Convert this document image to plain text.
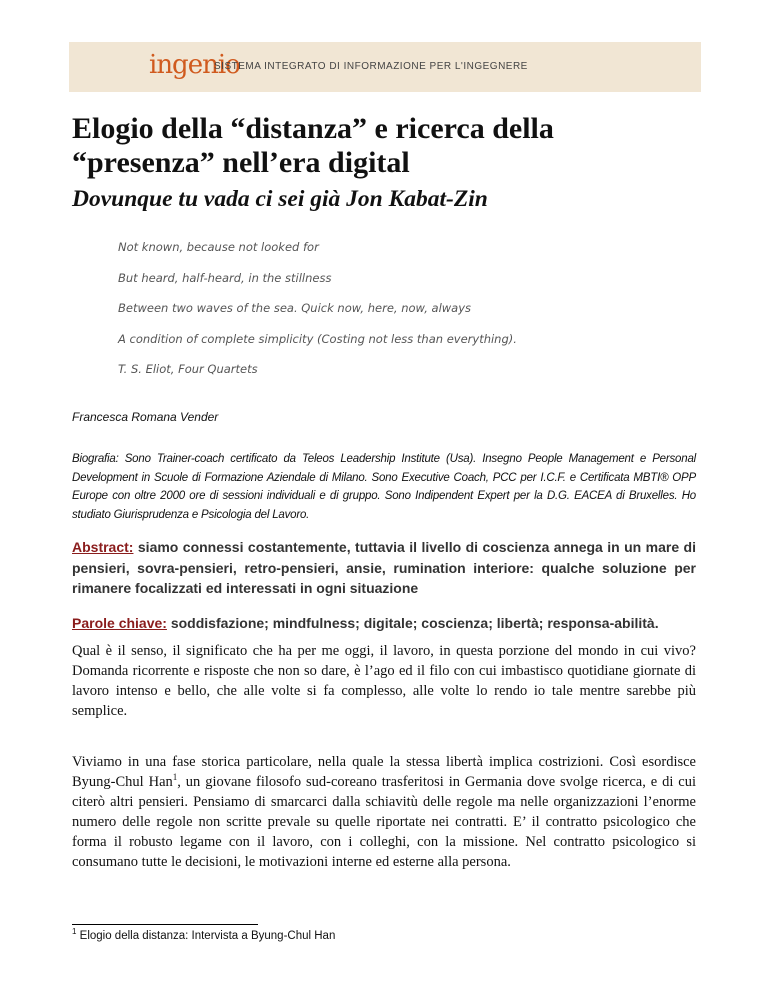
ingenio
SISTEMA INTEGRATO DI INFORMAZIONE PER L'INGEGNERE
Elogio della “distanza” e ricerca della “presenza” nell’era digital
Dovunque tu vada ci sei già Jon Kabat-Zin
Not known, because not looked for
But heard, half-heard, in the stillness
Between two waves of the sea. Quick now, here, now, always
A condition of complete simplicity (Costing not less than everything).
T. S. Eliot, Four Quartets
Francesca Romana Vender

Biografia: Sono Trainer-coach certificato da Teleos Leadership Institute (Usa). Insegno People Management e Personal Development in Scuole di Formazione Aziendale di Milano. Sono Executive Coach, PCC per I.C.F. e Certificata MBTI® OPP Europe con oltre 2000 ore di sessioni individuali e di gruppo. Sono Indipendent Expert per la D.G. EACEA di Bruxelles. Ho studiato Giurisprudenza e Psicologia del Lavoro.

Abstract: siamo connessi costantemente, tuttavia il livello di coscienza annega in un mare di pensieri, sovra-pensieri, retro-pensieri, ansie, rumination interiore: qualche soluzione per rimanere focalizzati ed interessati in ogni situazione

Parole chiave: soddisfazione; mindfulness; digitale; coscienza; libertà; responsa-abilità.

Qual è il senso, il significato che ha per me oggi, il lavoro, in questa porzione del mondo in cui vivo? Domanda ricorrente e risposte che non so dare, è l’ago ed il filo con cui imbastisco quotidiane giornate di lavoro intenso e bello, che alle volte si fa complesso, alle volte lo rendo io tale mentre sarebbe più semplice.

Viviamo in una fase storica particolare, nella quale la stessa libertà implica costrizioni. Così esordisce Byung-Chul Han$^1$, un giovane filosofo sud-coreano trasferitosi in Germania dove svolge ricerca, e di cui citerò altri pensieri. Pensiamo di smarcarci dalla schiavitù delle regole ma nelle organizzazioni l’enorme numero delle regole non scritte prevale su quelle riportate nei contratti. E’ il contratto psicologico che forma il robusto legame con il lavoro, con i colleghi, con la missione. Nel contratto psicologico si consumano tutte le decisioni, le motivazioni interne ed esterne alla persona.

$^1$ Elogio della distanza: Intervista a Byung-Chul Han
